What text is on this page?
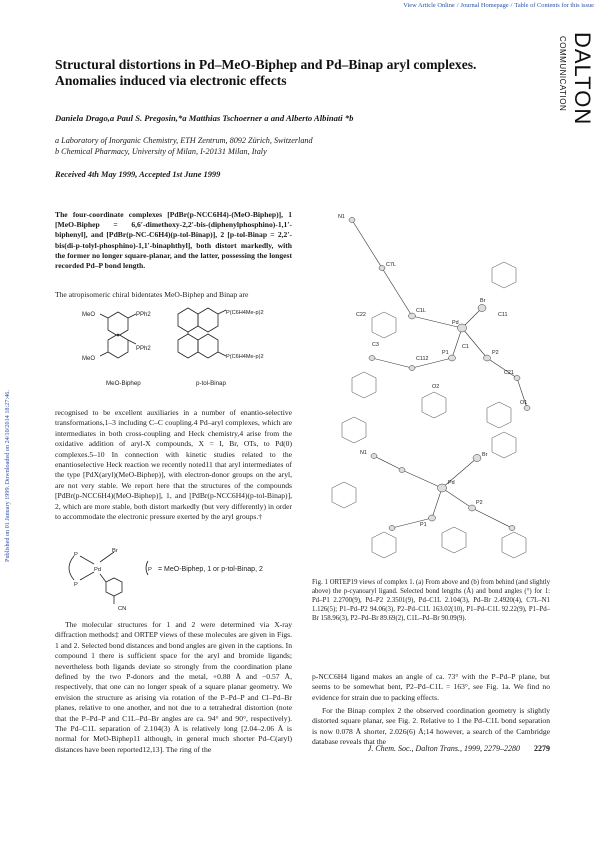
View Article Online / Journal Homepage / Table of Contents for this issue
COMMUNICATION DALTON
Published on 01 January 1999. Downloaded on 24/10/2014 18:27:46.
Structural distortions in Pd–MeO-Biphep and Pd–Binap aryl complexes. Anomalies induced via electronic effects
Daniela Drago,a Paul S. Pregosin,*a Matthias Tschoerner a and Alberto Albinati *b
a Laboratory of Inorganic Chemistry, ETH Zentrum, 8092 Zürich, Switzerland
b Chemical Pharmacy, University of Milan, I-20131 Milan, Italy
Received 4th May 1999, Accepted 1st June 1999
The four-coordinate complexes [PdBr(p-NCC6H4)-(MeO-Biphep)], 1 [MeO-Biphep = 6,6′-dimethoxy-2,2′-bis-(diphenylphosphino)-1,1′-biphenyl], and [PdBr(p-NC-C6H4)(p-tol-Binap)], 2 [p-tol-Binap = 2,2′-bis(di-p-tolyl-phosphino)-1,1′-binaphthyl], both distort markedly, with the former no longer square-planar, and the latter, possessing the longest recorded Pd–P bond length.
The atropisomeric chiral bidentates MeO-Biphep and Binap are
PPh2
PPh2
MeO
MeO
MeO-Biphep
P(C6H4Me-p)2
P(C6H4Me-p)2
p-tol-Binap
recognised to be excellent auxiliaries in a number of enantio-selective transformations,1–3 including C–C coupling.4 Pd–aryl complexes, which are intermediates in both cross-coupling and Heck chemistry,4 arise from the oxidative addition of aryl-X compounds, X = I, Br, OTs, to Pd(0) complexes.5–10 In connection with kinetic studies related to the enantioselective Heck reaction we recently noted11 that aryl intermediates of the type [PdX(aryl)(MeO-Biphep)], with electron-donor groups on the aryl, are not very stable. We report here that the structures of the compounds [PdBr(p-NCC6H4)(MeO-Biphep)], 1, and [PdBr(p-NCC6H4)(p-tol-Binap)], 2, which are more stable, both distort markedly (but very differently) in order to accommodate the electronic pressure exerted by the aryl groups.†
P
P
Pd
Br
CN
P = MeO-Biphep, 1 or p-tol-Binap, 2
The molecular structures for 1 and 2 were determined via X-ray diffraction methods‡ and ORTEP views of these molecules are given in Figs. 1 and 2. Selected bond distances and bond angles are given in the captions. In compound 1 there is sufficient space for the aryl and bromide ligands; nevertheless both ligands deviate so strongly from the coordination plane defined by the two P-donors and the metal, +0.88 Å and −0.57 Å, respectively, that one can no longer speak of a square planar geometry. We envision the structure as arising via rotation of the P–Pd–P and Cl–Pd–Br planes, relative to one another, and not due to a tetrahedral distortion (note that the P–Pd–P and C1L–Pd–Br angles are ca. 94° and 90°, respectively). The Pd–C1L separation of 2.104(3) Å is relatively long [2.04–2.06 Å is normal for MeO-Biphep11 although, in general much shorter Pd–C(aryl) distances have been reported12,13]. The ring of the
N1
C7L
C1L
C22
C3
Pd
Br
C11
C112
P1	P2
C21
O1
O2
C1
N1
Pd
Br
P1
P2
Fig. 1 ORTEP19 views of complex 1. (a) From above and (b) from behind (and slightly above) the p-cyanoaryl ligand. Selected bond lengths (Å) and bond angles (°) for 1: Pd–P1 2.2700(9), Pd–P2 2.3501(9), Pd–C1L 2.104(3), Pd–Br 2.4920(4), C7L–N1 1.126(5); P1–Pd–P2 94.06(3), P2–Pd–C1L 163.02(10), P1–Pd–C1L 92.22(9), P1–Pd–Br 158.96(3), P2–Pd–Br 89.69(2), C1L–Pd–Br 90.09(9).
p-NCC6H4 ligand makes an angle of ca. 73° with the P–Pd–P plane, but seems to be somewhat bent, P2–Pd–C1L = 163°, see Fig. 1a. We find no evidence for strain due to packing effects.
For the Binap complex 2 the observed coordination geometry is slightly distorted square planar, see Fig. 2. Relative to 1 the Pd–C1L bond separation is now 0.078 Å shorter, 2.026(6) Å;14 however, a search of the Cambridge database reveals that the
J. Chem. Soc., Dalton Trans., 1999, 2279–2280 2279
